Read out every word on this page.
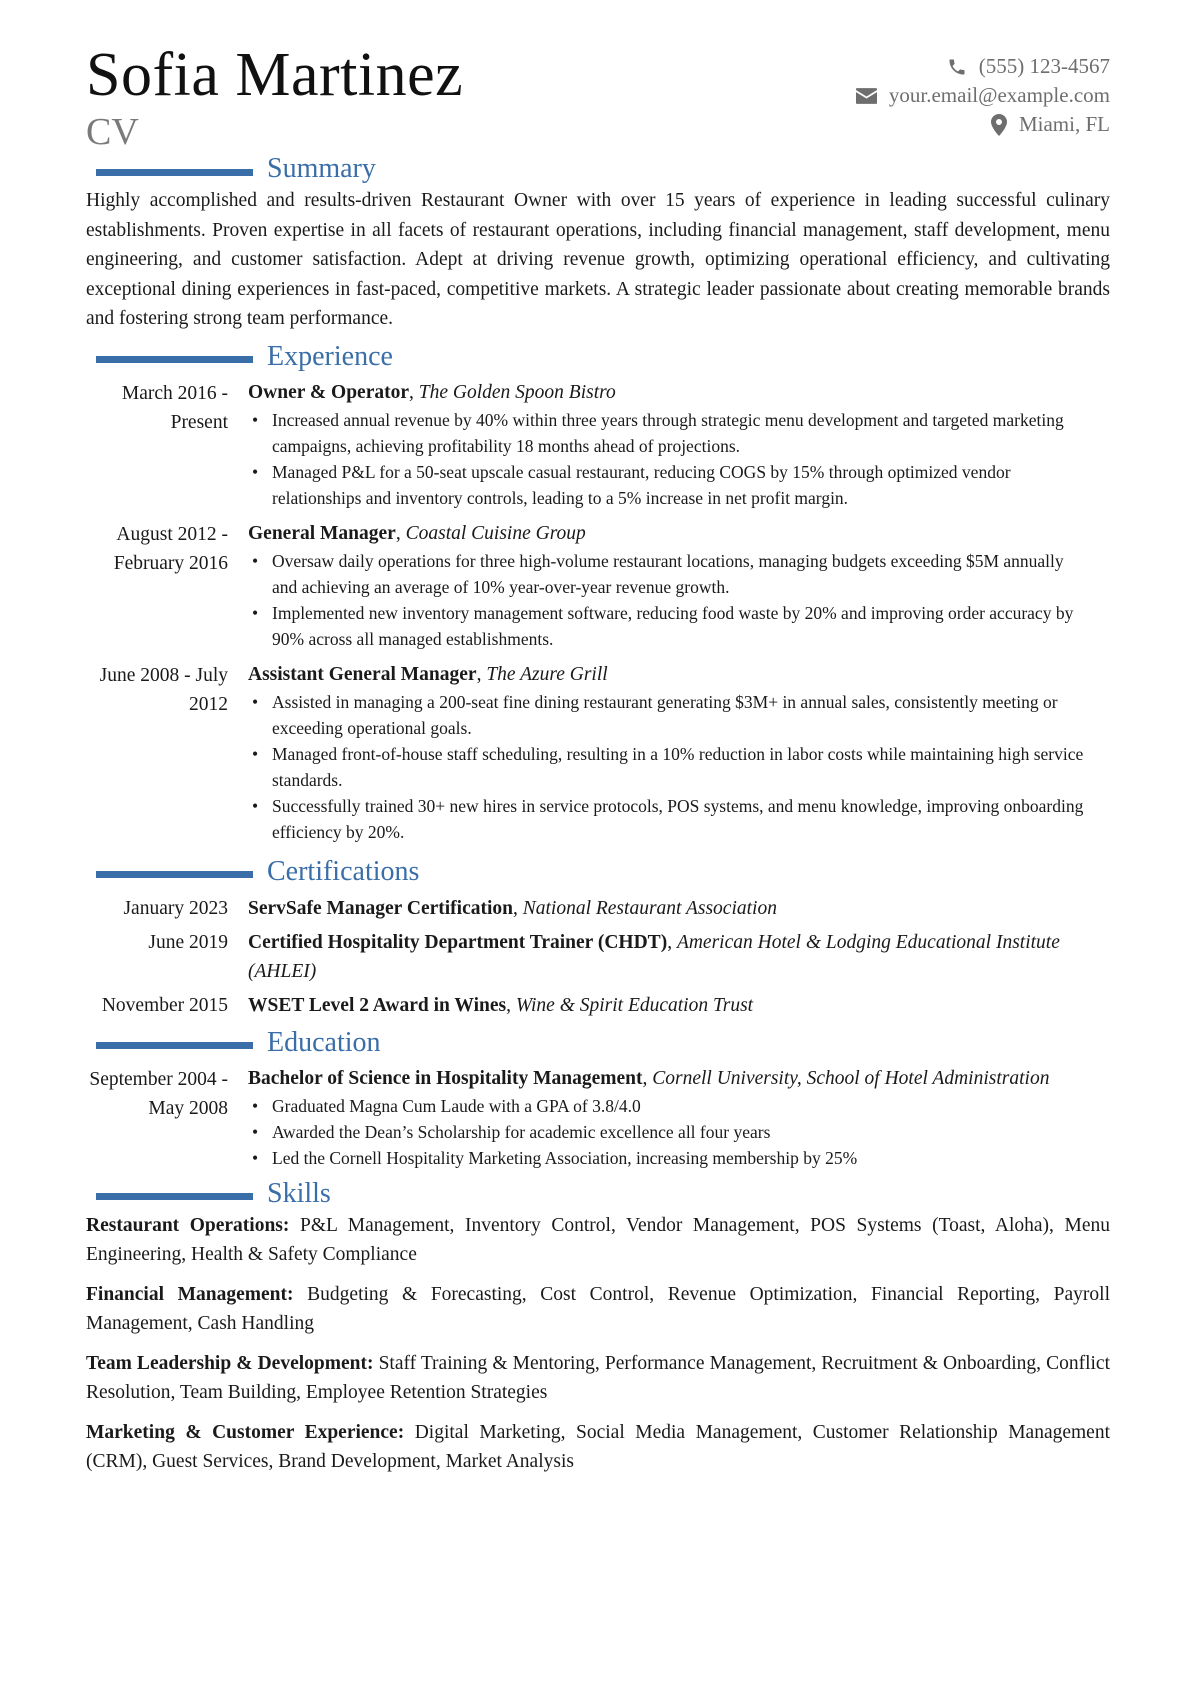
Sofia Martinez
CV
(555) 123-4567
your.email@example.com
Miami, FL
Summary
Highly accomplished and results-driven Restaurant Owner with over 15 years of experience in leading successful culinary establishments. Proven expertise in all facets of restaurant operations, including financial management, staff development, menu engineering, and customer satisfaction. Adept at driving revenue growth, optimizing operational efficiency, and cultivating exceptional dining experiences in fast-paced, competitive markets. A strategic leader passionate about creating memorable brands and fostering strong team performance.
Experience
March 2016 - Present
Owner & Operator, The Golden Spoon Bistro
• Increased annual revenue by 40% within three years through strategic menu development and targeted marketing campaigns, achieving profitability 18 months ahead of projections.
• Managed P&L for a 50-seat upscale casual restaurant, reducing COGS by 15% through optimized vendor relationships and inventory controls, leading to a 5% increase in net profit margin.
August 2012 - February 2016
General Manager, Coastal Cuisine Group
• Oversaw daily operations for three high-volume restaurant locations, managing budgets exceeding $5M annually and achieving an average of 10% year-over-year revenue growth.
• Implemented new inventory management software, reducing food waste by 20% and improving order accuracy by 90% across all managed establishments.
June 2008 - July 2012
Assistant General Manager, The Azure Grill
• Assisted in managing a 200-seat fine dining restaurant generating $3M+ in annual sales, consistently meeting or exceeding operational goals.
• Managed front-of-house staff scheduling, resulting in a 10% reduction in labor costs while maintaining high service standards.
• Successfully trained 30+ new hires in service protocols, POS systems, and menu knowledge, improving onboarding efficiency by 20%.
Certifications
January 2023	ServSafe Manager Certification, National Restaurant Association
June 2019	Certified Hospitality Department Trainer (CHDT), American Hotel & Lodging Educational Institute (AHLEI)
November 2015	WSET Level 2 Award in Wines, Wine & Spirit Education Trust
Education
September 2004 - May 2008
Bachelor of Science in Hospitality Management, Cornell University, School of Hotel Administration
• Graduated Magna Cum Laude with a GPA of 3.8/4.0
• Awarded the Dean’s Scholarship for academic excellence all four years
• Led the Cornell Hospitality Marketing Association, increasing membership by 25%
Skills
Restaurant Operations: P&L Management, Inventory Control, Vendor Management, POS Systems (Toast, Aloha), Menu Engineering, Health & Safety Compliance
Financial Management: Budgeting & Forecasting, Cost Control, Revenue Optimization, Financial Reporting, Payroll Management, Cash Handling
Team Leadership & Development: Staff Training & Mentoring, Performance Management, Recruitment & Onboarding, Conflict Resolution, Team Building, Employee Retention Strategies
Marketing & Customer Experience: Digital Marketing, Social Media Management, Customer Relationship Management (CRM), Guest Services, Brand Development, Market Analysis
